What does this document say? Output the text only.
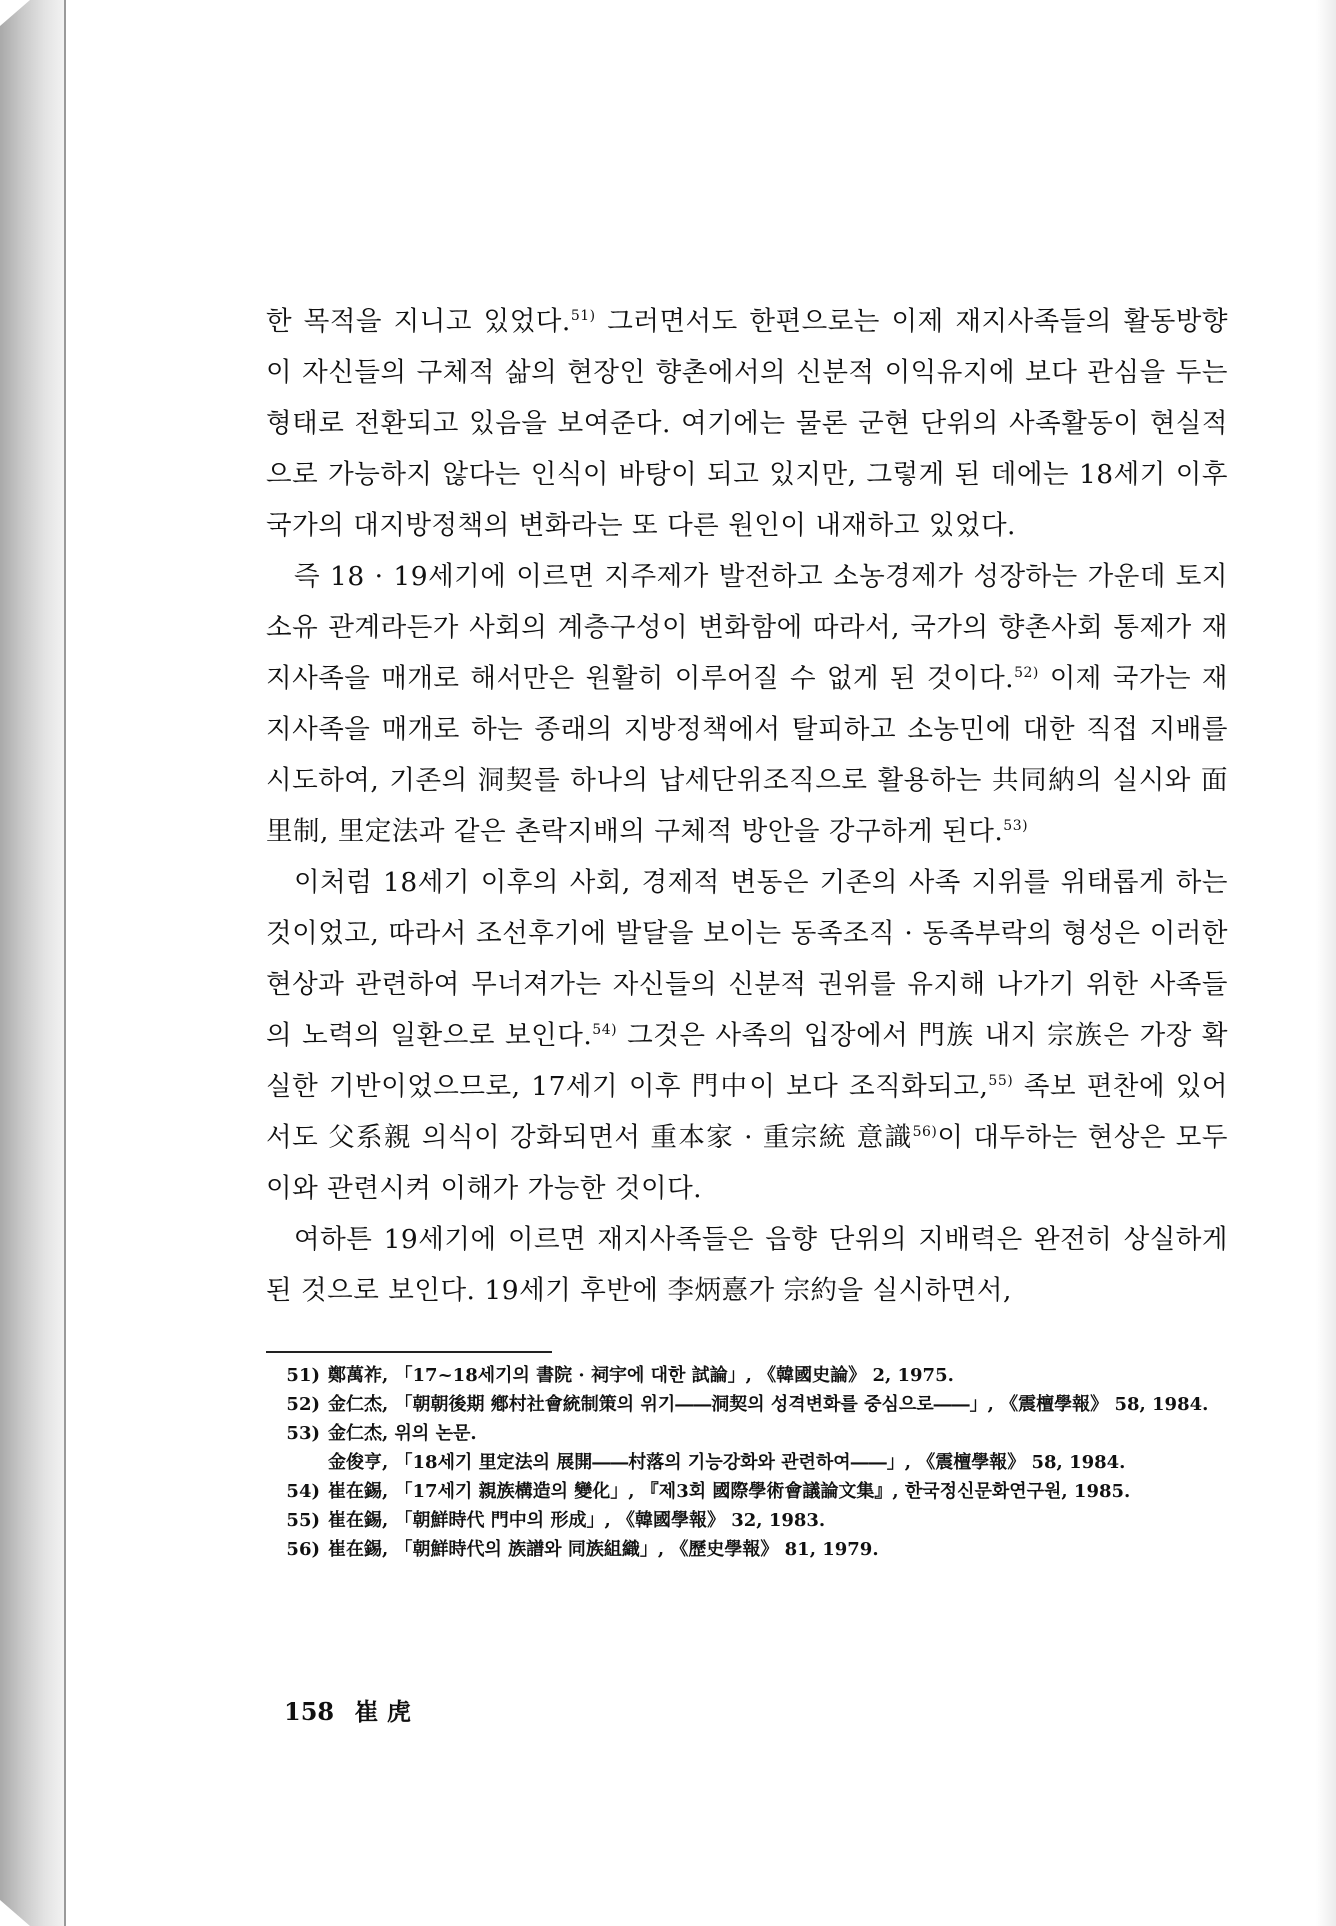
한 목적을 지니고 있었다.$^{51)}$ 그러면서도 한편으로는 이제 재지사족들의 활동방향이 자신들의 구체적 삶의 현장인 향촌에서의 신분적 이익유지에 보다 관심을 두는 형태로 전환되고 있음을 보여준다. 여기에는 물론 군현 단위의 사족활동이 현실적으로 가능하지 않다는 인식이 바탕이 되고 있지만, 그렇게 된 데에는 18세기 이후 국가의 대지방정책의 변화라는 또 다른 원인이 내재하고 있었다.

즉 18 · 19세기에 이르면 지주제가 발전하고 소농경제가 성장하는 가운데 토지소유 관계라든가 사회의 계층구성이 변화함에 따라서, 국가의 향촌사회 통제가 재지사족을 매개로 해서만은 원활히 이루어질 수 없게 된 것이다.$^{52)}$ 이제 국가는 재지사족을 매개로 하는 종래의 지방정책에서 탈피하고 소농민에 대한 직접 지배를 시도하여, 기존의 洞契를 하나의 납세단위조직으로 활용하는 共同納의 실시와 面里制, 里定法과 같은 촌락지배의 구체적 방안을 강구하게 된다.$^{53)}$

이처럼 18세기 이후의 사회, 경제적 변동은 기존의 사족 지위를 위태롭게 하는 것이었고, 따라서 조선후기에 발달을 보이는 동족조직 · 동족부락의 형성은 이러한 현상과 관련하여 무너져가는 자신들의 신분적 권위를 유지해 나가기 위한 사족들의 노력의 일환으로 보인다.$^{54)}$ 그것은 사족의 입장에서 門族 내지 宗族은 가장 확실한 기반이었으므로, 17세기 이후 門中이 보다 조직화되고,$^{55)}$ 족보 편찬에 있어서도 父系親 의식이 강화되면서 重本家 · 重宗統 意識$^{56)}$이 대두하는 현상은 모두 이와 관련시켜 이해가 가능한 것이다.

여하튼 19세기에 이르면 재지사족들은 읍향 단위의 지배력은 완전히 상실하게 된 것으로 보인다. 19세기 후반에 李炳憙가 宗約을 실시하면서,

51) 鄭萬祚, 「17~18세기의 書院 · 祠宇에 대한 試論」, 《韓國史論》 2, 1975.
52) 金仁杰, 「朝朝後期 鄕村社會統制策의 위기――洞契의 성격변화를 중심으로――」, 《震檀學報》 58, 1984.
53) 金仁杰, 위의 논문.
金俊亨, 「18세기 里定法의 展開――村落의 기능강화와 관련하여――」, 《震檀學報》 58, 1984.
54) 崔在錫, 「17세기 親族構造의 變化」, 『제3회 國際學術會議論文集』, 한국정신문화연구원, 1985.
55) 崔在錫, 「朝鮮時代 門中의 形成」, 《韓國學報》 32, 1983.
56) 崔在錫, 「朝鮮時代의 族譜와 同族組織」, 《歷史學報》 81, 1979.
158 崔 虎
